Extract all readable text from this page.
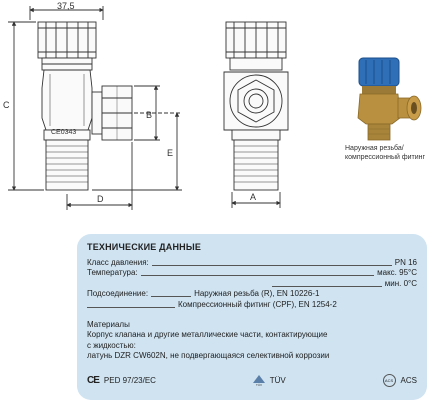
37,5
C
B
E
D
CE0343
A
Наружная резьба/
компрессионный фитинг
ТЕХНИЧЕСКИЕ ДАННЫЕ
Класс давления:	PN 16
Температура:	макс. 95°C
мин. 0°C
Подсоединение:	Наружная резьба (R), EN 10226-1
Компрессионный фитинг (CPF), EN 1254-2
Материалы
Корпус клапана и другие металлические части, контактирующие
с жидкостью:
латунь DZR CW602N, не подвергающаяся селективной коррозии
CE PED 97/23/EC	TÜV TÜV	ACS ACS
